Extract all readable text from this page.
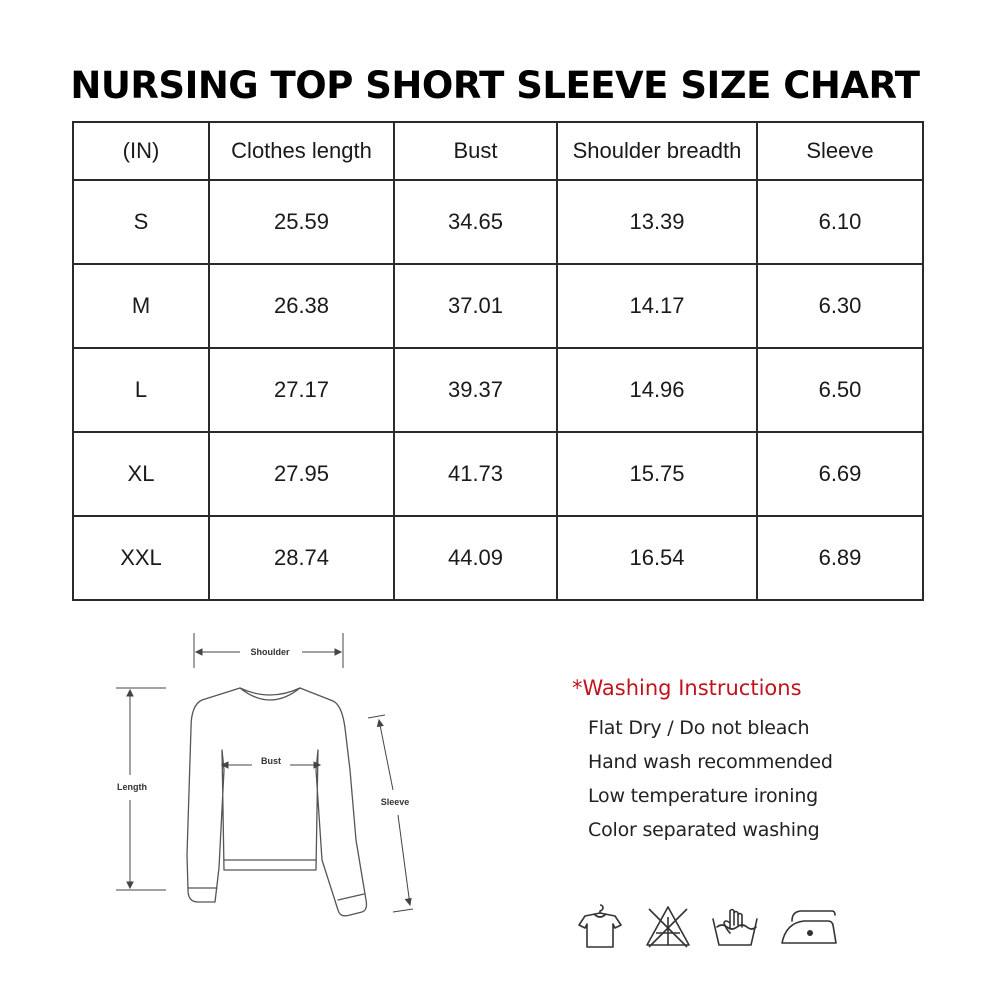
NURSING TOP SHORT SLEEVE SIZE CHART
(IN)	Clothes length	Bust	Shoulder breadth	Sleeve
S	25.59	34.65	13.39	6.10
M	26.38	37.01	14.17	6.30
L	27.17	39.37	14.96	6.50
XL	27.95	41.73	15.75	6.69
XXL	28.74	44.09	16.54	6.89
Shoulder
Bust
Length
Sleeve
*Washing Instructions
Flat Dry / Do not bleach
Hand wash recommended
Low temperature ironing
Color separated washing
